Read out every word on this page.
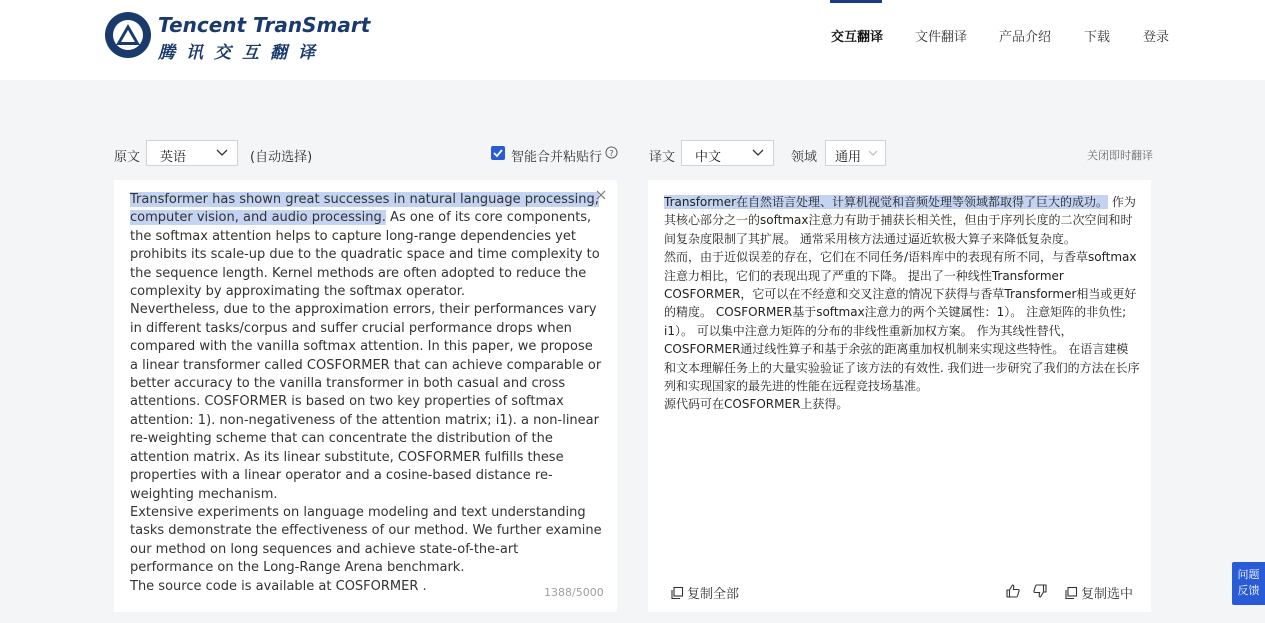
Tencent TranSmart
腾讯交互翻译
交互翻译 文件翻译 产品介绍	下载	登录
原文 英语	(自动选择)	智能合并粘贴行 ?	译文 中文	领域 通用	关闭即时翻译
Transformer has shown great successes in natural language processing, computer vision, and audio processing. As one of its core components, the softmax attention helps to capture long-range dependencies yet prohibits its scale-up due to the quadratic space and time complexity to the sequence length. Kernel methods are often adopted to reduce the complexity by approximating the softmax operator.
Nevertheless, due to the approximation errors, their performances vary in different tasks/corpus and suffer crucial performance drops when compared with the vanilla softmax attention. In this paper, we propose a linear transformer called COSFORMER that can achieve comparable or better accuracy to the vanilla transformer in both casual and cross attentions. COSFORMER is based on two key properties of softmax attention: 1). non-negativeness of the attention matrix; i1). a non-linear re-weighting scheme that can concentrate the distribution of the attention matrix. As its linear substitute, COSFORMER fulfills these properties with a linear operator and a cosine-based distance re-weighting mechanism.
Extensive experiments on language modeling and text understanding tasks demonstrate the effectiveness of our method. We further examine our method on long sequences and achieve state-of-the-art performance on the Long-Range Arena benchmark.
The source code is available at COSFORMER .	1388/5000
Transformer在自然语言处理、计算机视觉和音频处理等领域都取得了巨大的成功。 作为其核心部分之一的softmax注意力有助于捕获长相关性，但由于序列长度的二次空间和时间复杂度限制了其扩展。 通常采用核方法通过逼近软极大算子来降低复杂度。
然而，由于近似误差的存在，它们在不同任务/语料库中的表现有所不同，与香草softmax注意力相比，它们的表现出现了严重的下降。 提出了一种线性Transformer COSFORMER，它可以在不经意和交叉注意的情况下获得与香草Transformer相当或更好的精度。 COSFORMER基于softmax注意力的两个关键属性：1）。 注意矩阵的非负性; i1）。 可以集中注意力矩阵的分布的非线性重新加权方案。 作为其线性替代，COSFORMER通过线性算子和基于余弦的距离重加权机制来实现这些特性。 在语言建模和文本理解任务上的大量实验验证了该方法的有效性. 我们进一步研究了我们的方法在长序列和实现国家的最先进的性能在远程竞技场基准。
源代码可在COSFORMER上获得。
复制全部	复制选中
问题
反馈
